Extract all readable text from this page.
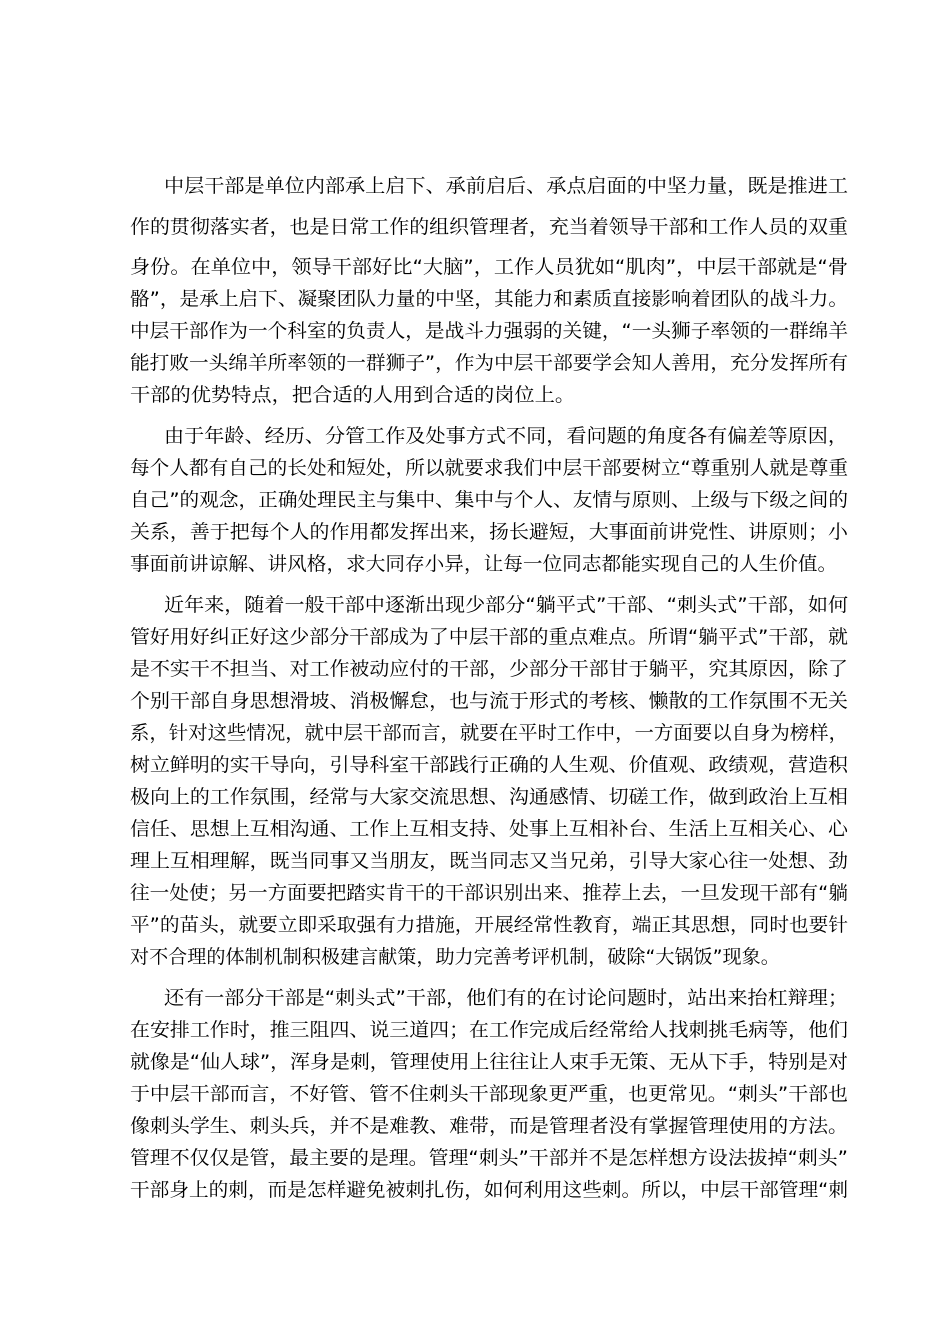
中层干部是单位内部承上启下、承前启后、承点启面的中坚力量，既是推进工
作的贯彻落实者，也是日常工作的组织管理者，充当着领导干部和工作人员的双重
身份。在单位中，领导干部好比“大脑”，工作人员犹如“肌肉”，中层干部就是“骨
骼”，是承上启下、凝聚团队力量的中坚，其能力和素质直接影响着团队的战斗力。
中层干部作为一个科室的负责人，是战斗力强弱的关键，“一头狮子率领的一群绵羊
能打败一头绵羊所率领的一群狮子”，作为中层干部要学会知人善用，充分发挥所有
干部的优势特点，把合适的人用到合适的岗位上。
由于年龄、经历、分管工作及处事方式不同，看问题的角度各有偏差等原因，
每个人都有自己的长处和短处，所以就要求我们中层干部要树立“尊重别人就是尊重
自己”的观念，正确处理民主与集中、集中与个人、友情与原则、上级与下级之间的
关系，善于把每个人的作用都发挥出来，扬长避短，大事面前讲党性、讲原则；小
事面前讲谅解、讲风格，求大同存小异，让每一位同志都能实现自己的人生价值。
近年来，随着一般干部中逐渐出现少部分“躺平式”干部、“刺头式”干部，如何
管好用好纠正好这少部分干部成为了中层干部的重点难点。所谓“躺平式”干部，就
是不实干不担当、对工作被动应付的干部，少部分干部甘于躺平，究其原因，除了
个别干部自身思想滑坡、消极懈怠，也与流于形式的考核、懒散的工作氛围不无关
系，针对这些情况，就中层干部而言，就要在平时工作中，一方面要以自身为榜样，
树立鲜明的实干导向，引导科室干部践行正确的人生观、价值观、政绩观，营造积
极向上的工作氛围，经常与大家交流思想、沟通感情、切磋工作，做到政治上互相
信任、思想上互相沟通、工作上互相支持、处事上互相补台、生活上互相关心、心
理上互相理解，既当同事又当朋友，既当同志又当兄弟，引导大家心往一处想、劲
往一处使；另一方面要把踏实肯干的干部识别出来、推荐上去，一旦发现干部有“躺
平”的苗头，就要立即采取强有力措施，开展经常性教育，端正其思想，同时也要针
对不合理的体制机制积极建言献策，助力完善考评机制，破除“大锅饭”现象。
还有一部分干部是“刺头式”干部，他们有的在讨论问题时，站出来抬杠辩理；
在安排工作时，推三阻四、说三道四；在工作完成后经常给人找刺挑毛病等，他们
就像是“仙人球”，浑身是刺，管理使用上往往让人束手无策、无从下手，特别是对
于中层干部而言，不好管、管不住刺头干部现象更严重，也更常见。“刺头”干部也
像刺头学生、刺头兵，并不是难教、难带，而是管理者没有掌握管理使用的方法。
管理不仅仅是管，最主要的是理。管理“刺头”干部并不是怎样想方设法拔掉“刺头”
干部身上的刺，而是怎样避免被刺扎伤，如何利用这些刺。所以，中层干部管理“刺
